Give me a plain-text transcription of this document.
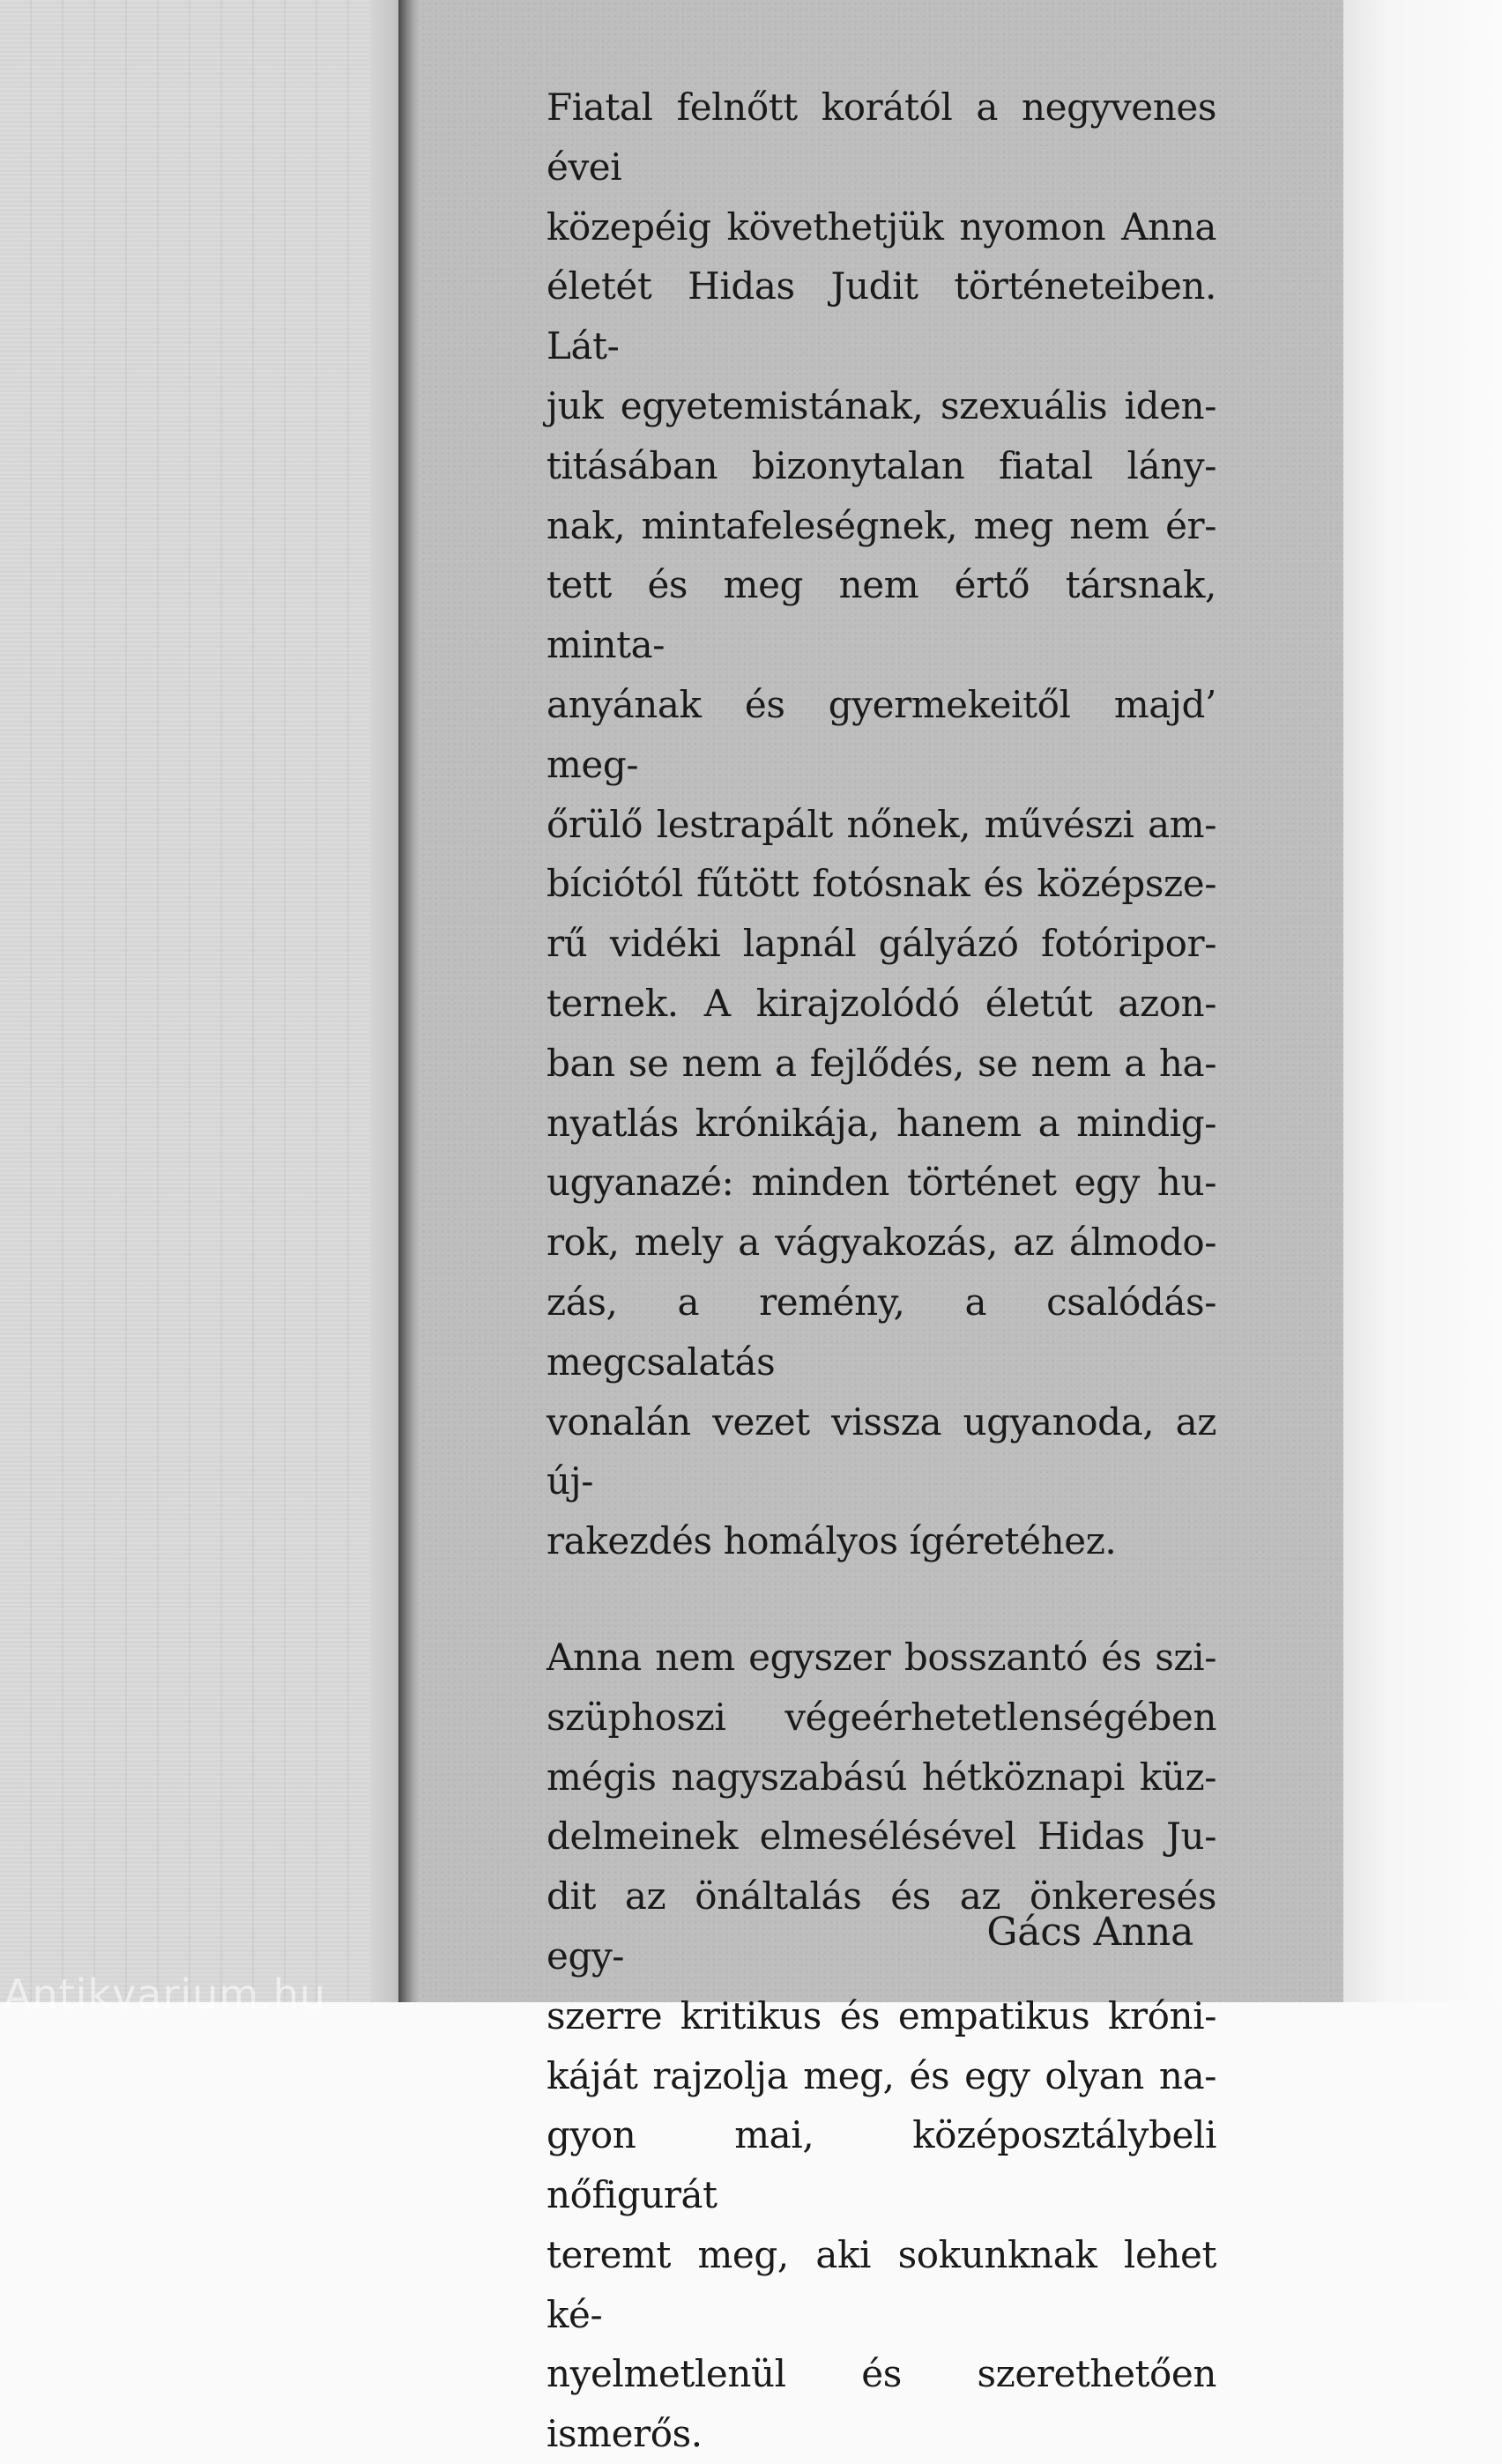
Fiatal felnőtt korától a negyvenes évei

közepéig követhetjük nyomon Anna

életét Hidas Judit történeteiben. Lát-

juk egyetemistának, szexuális iden-

titásában bizonytalan fiatal lány-

nak, mintafeleségnek, meg nem ér-

tett és meg nem értő társnak, minta-

anyának és gyermekeitől majd’ meg-

őrülő lestrapált nőnek, művészi am-

bíciótól fűtött fotósnak és középsze-

rű vidéki lapnál gályázó fotóripor-

ternek. A kirajzolódó életút azon-

ban se nem a fejlődés, se nem a ha-

nyatlás krónikája, hanem a mindig-

ugyanazé: minden történet egy hu-

rok, mely a vágyakozás, az álmodo-

zás, a remény, a csalódás-megcsalatás

vonalán vezet vissza ugyanoda, az új-

rakezdés homályos ígéretéhez.

Anna nem egyszer bosszantó és szi-

szüphoszi végeérhetetlenségében

mégis nagyszabású hétköznapi küz-

delmeinek elmesélésével Hidas Ju-

dit az önáltalás és az önkeresés egy-

szerre kritikus és empatikus króni-

káját rajzolja meg, és egy olyan na-

gyon mai, középosztálybeli nőfigurát

teremt meg, aki sokunknak lehet ké-

nyelmetlenül és szerethetően ismerős.

Gács Anna
Antikvarium.hu
